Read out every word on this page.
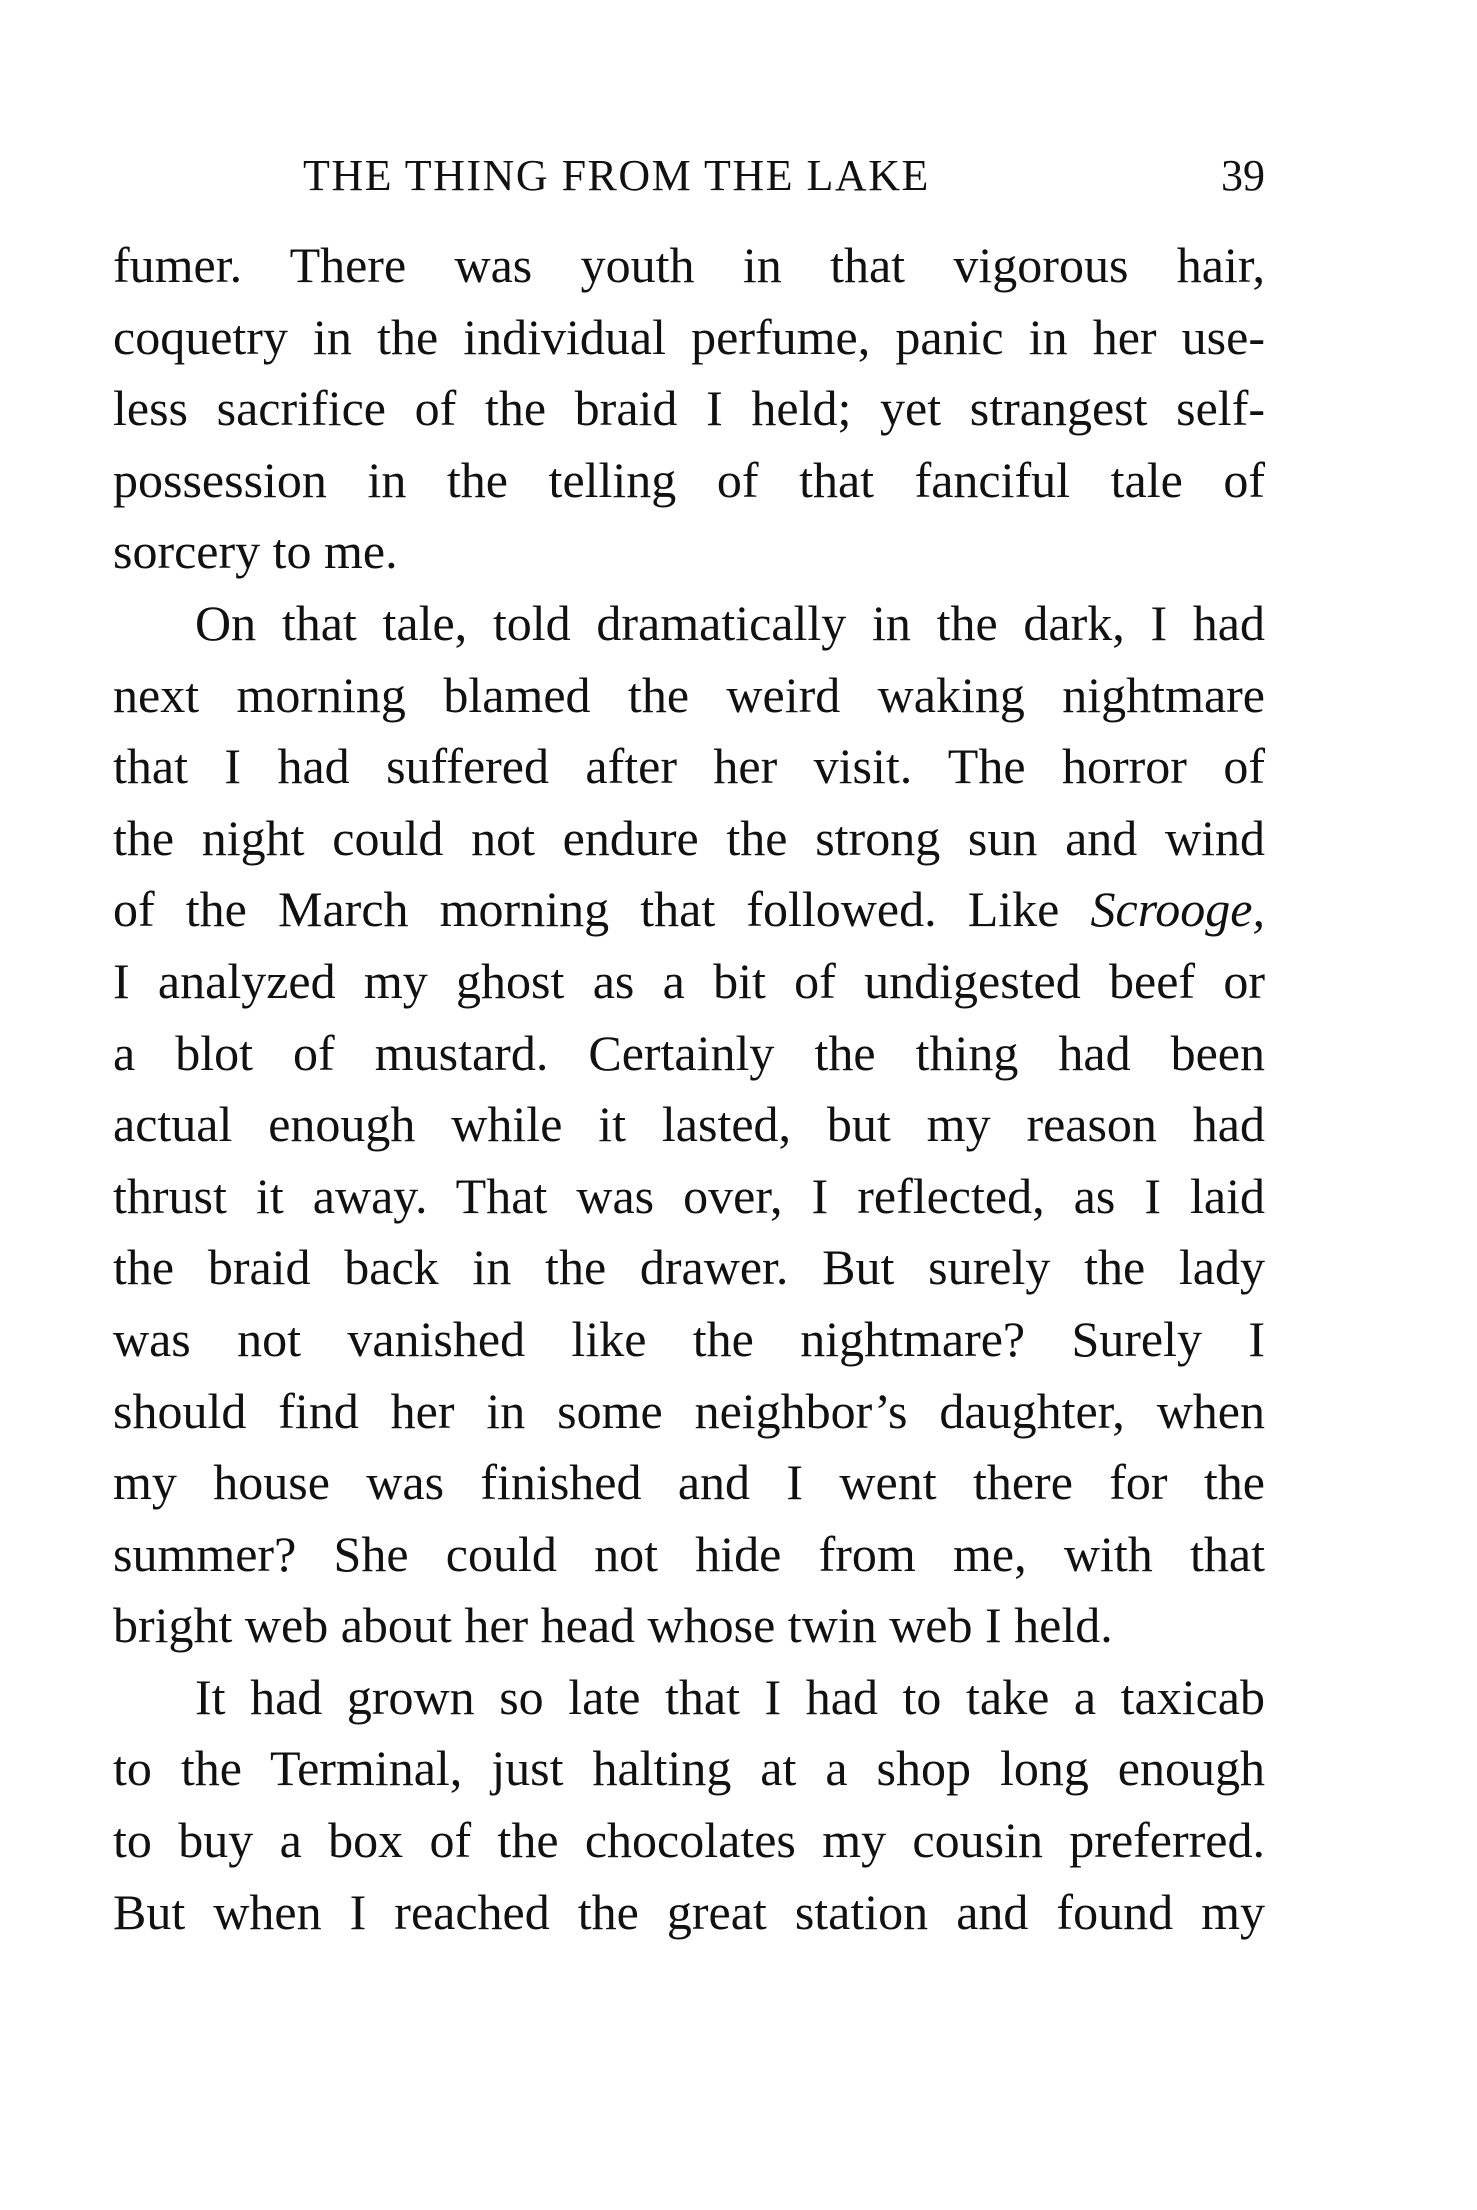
THE THING FROM THE LAKE	39
fumer. There was youth in that vigorous hair,
coquetry in the individual perfume, panic in her use-
less sacrifice of the braid I held; yet strangest self-
possession in the telling of that fanciful tale of
sorcery to me.
On that tale, told dramatically in the dark, I had
next morning blamed the weird waking nightmare
that I had suffered after her visit. The horror of
the night could not endure the strong sun and wind
of the March morning that followed. Like Scrooge,
I analyzed my ghost as a bit of undigested beef or
a blot of mustard. Certainly the thing had been
actual enough while it lasted, but my reason had
thrust it away. That was over, I reflected, as I laid
the braid back in the drawer. But surely the lady
was not vanished like the nightmare? Surely I
should find her in some neighbor’s daughter, when
my house was finished and I went there for the
summer? She could not hide from me, with that
bright web about her head whose twin web I held.
It had grown so late that I had to take a taxicab
to the Terminal, just halting at a shop long enough
to buy a box of the chocolates my cousin preferred.
But when I reached the great station and found my
